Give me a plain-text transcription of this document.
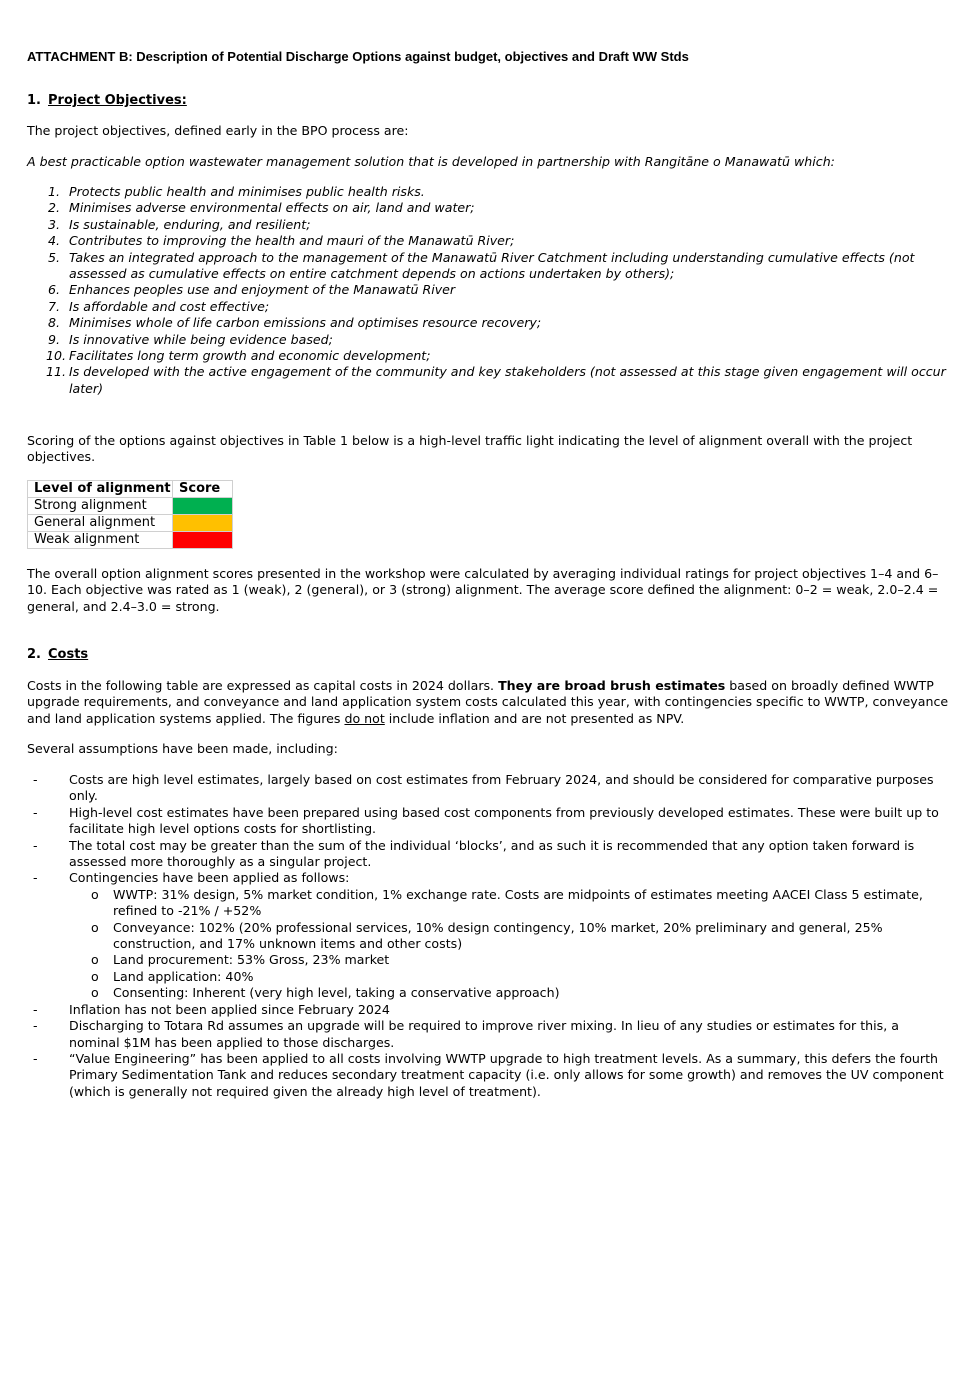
ATTACHMENT B: Description of Potential Discharge Options against budget, objectives and Draft WW Stds
1. Project Objectives:

The project objectives, defined early in the BPO process are:

A best practicable option wastewater management solution that is developed in partnership with Rangitāne o Manawatū which:

1. Protects public health and minimises public health risks.
2. Minimises adverse environmental effects on air, land and water;
3. Is sustainable, enduring, and resilient;
4. Contributes to improving the health and mauri of the Manawatū River;
5. Takes an integrated approach to the management of the Manawatū River Catchment including understanding cumulative effects (not assessed as cumulative effects on entire catchment depends on actions undertaken by others);
6. Enhances peoples use and enjoyment of the Manawatū River
7. Is affordable and cost effective;
8. Minimises whole of life carbon emissions and optimises resource recovery;
9. Is innovative while being evidence based;
10. Facilitates long term growth and economic development;
11. Is developed with the active engagement of the community and key stakeholders (not assessed at this stage given engagement will occur later)

Scoring of the options against objectives in Table 1 below is a high-level traffic light indicating the level of alignment overall with the project objectives.

Level of alignment	Score
Strong alignment	

General alignment	

Weak alignment	

The overall option alignment scores presented in the workshop were calculated by averaging individual ratings for project objectives 1–4 and 6–10. Each objective was rated as 1 (weak), 2 (general), or 3 (strong) alignment. The average score defined the alignment: 0–2 = weak, 2.0–2.4 = general, and 2.4–3.0 = strong.

2. Costs

Costs in the following table are expressed as capital costs in 2024 dollars. They are broad brush estimates based on broadly defined WWTP upgrade requirements, and conveyance and land application system costs calculated this year, with contingencies specific to WWTP, conveyance and land application systems applied. The figures do not include inflation and are not presented as NPV.

Several assumptions have been made, including:

- Costs are high level estimates, largely based on cost estimates from February 2024, and should be considered for comparative purposes only.
- High-level cost estimates have been prepared using based cost components from previously developed estimates. These were built up to facilitate high level options costs for shortlisting.
- The total cost may be greater than the sum of the individual ‘blocks’, and as such it is recommended that any option taken forward is assessed more thoroughly as a singular project.
- Contingencies have been applied as follows:
o WWTP: 31% design, 5% market condition, 1% exchange rate. Costs are midpoints of estimates meeting AACEI Class 5 estimate, refined to -21% / +52%
o Conveyance: 102% (20% professional services, 10% design contingency, 10% market, 20% preliminary and general, 25% construction, and 17% unknown items and other costs)
o Land procurement: 53% Gross, 23% market
o Land application: 40%
o Consenting: Inherent (very high level, taking a conservative approach)
- Inflation has not been applied since February 2024
- Discharging to Totara Rd assumes an upgrade will be required to improve river mixing. In lieu of any studies or estimates for this, a nominal $1M has been applied to those discharges.
- “Value Engineering” has been applied to all costs involving WWTP upgrade to high treatment levels. As a summary, this defers the fourth Primary Sedimentation Tank and reduces secondary treatment capacity (i.e. only allows for some growth) and removes the UV component (which is generally not required given the already high level of treatment).
